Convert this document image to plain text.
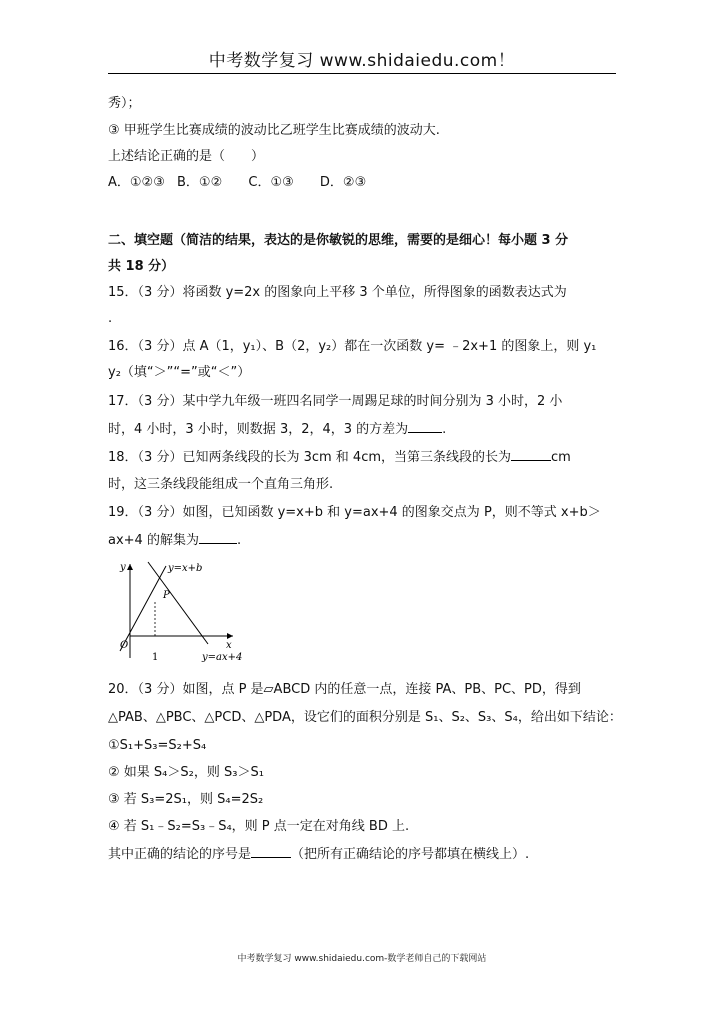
中考数学复习 www.shidaiedu.com！
秀）；
③ 甲班学生比赛成绩的波动比乙班学生比赛成绩的波动大.
上述结论正确的是（　　）
A．①②③ B．①② C．①③ D．②③
二、填空题（简洁的结果，表达的是你敏锐的思维，需要的是细心！每小题 3 分
共 18 分）
15．（3 分）将函数 y=2x 的图象向上平移 3 个单位，所得图象的函数表达式为
.
16．（3 分）点 A（1，y₁）、B（2，y₂）都在一次函数 y= ﹣2x+1 的图象上，则 y₁
y₂（填“＞”“=”或“＜”）
17．（3 分）某中学九年级一班四名同学一周踢足球的时间分别为 3 小时，2 小
时，4 小时，3 小时，则数据 3，2，4，3 的方差为	.
18．（3 分）已知两条线段的长为 3cm 和 4cm，当第三条线段的长为	cm
时，这三条线段能组成一个直角三角形.
19．（3 分）如图，已知函数 y=x+b 和 y=ax+4 的图象交点为 P，则不等式 x+b＞
ax+4 的解集为	.
y
x
O
P
1
y=x+b
y=ax+4
20．（3 分）如图，点 P 是▱ABCD 内的任意一点，连接 PA、PB、PC、PD，得到
△PAB、△PBC、△PCD、△PDA，设它们的面积分别是 S₁、S₂、S₃、S₄，给出如下结论：
①S₁+S₃=S₂+S₄
② 如果 S₄＞S₂，则 S₃＞S₁
③ 若 S₃=2S₁，则 S₄=2S₂
④ 若 S₁﹣S₂=S₃﹣S₄，则 P 点一定在对角线 BD 上.
其中正确的结论的序号是	（把所有正确结论的序号都填在横线上）.
中考数学复习 www.shidaiedu.com-数学老师自己的下载网站
